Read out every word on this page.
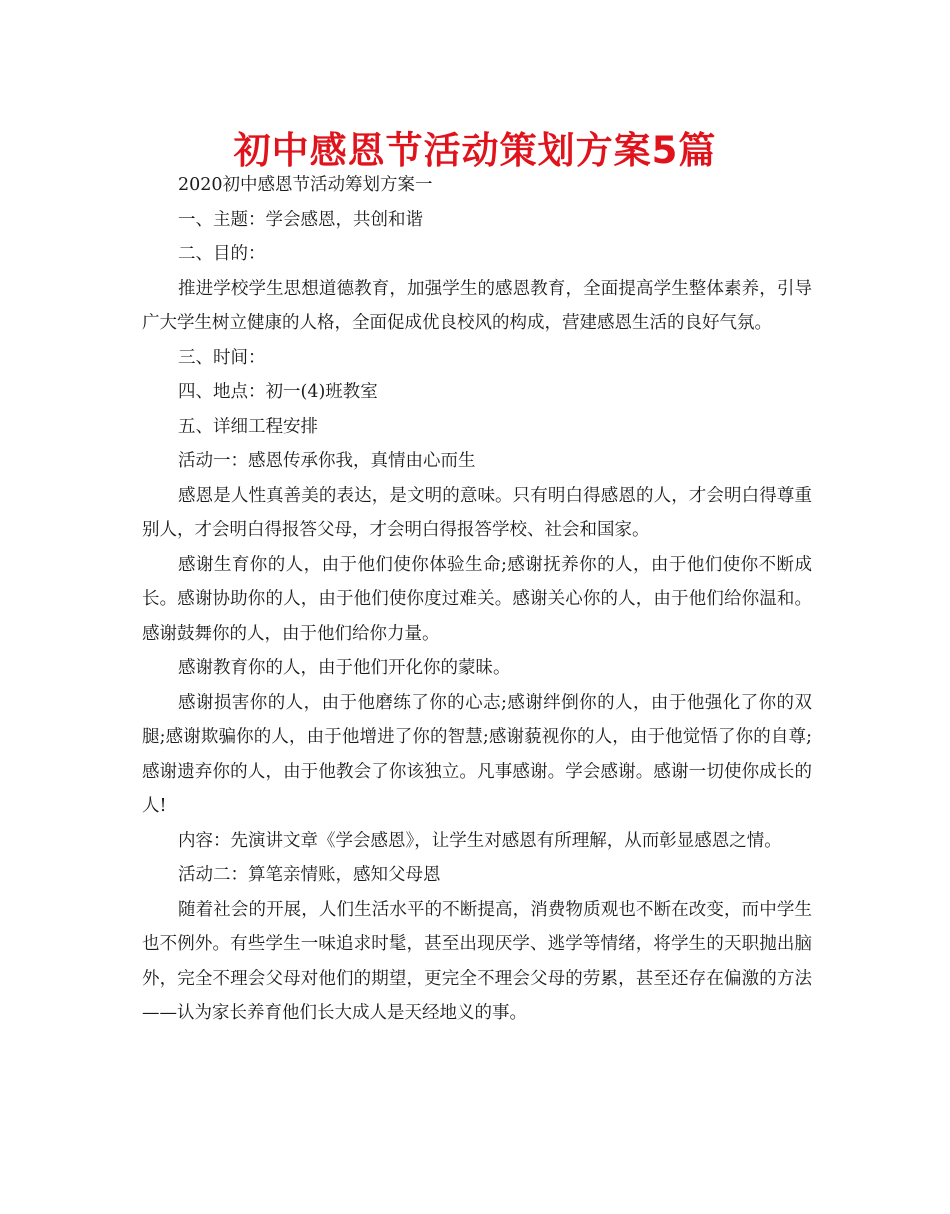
初中感恩节活动策划方案5篇

2020初中感恩节活动筹划方案一

一、主题：学会感恩，共创和谐

二、目的：

推进学校学生思想道德教育，加强学生的感恩教育，全面提高学生整体素养，引导广大学生树立健康的人格，全面促成优良校风的构成，营建感恩生活的良好气氛。

三、时间：

四、地点：初一(4)班教室

五、详细工程安排

活动一：感恩传承你我，真情由心而生

感恩是人性真善美的表达，是文明的意味。只有明白得感恩的人，才会明白得尊重别人，才会明白得报答父母，才会明白得报答学校、社会和国家。

感谢生育你的人，由于他们使你体验生命;感谢抚养你的人，由于他们使你不断成长。感谢协助你的人，由于他们使你度过难关。感谢关心你的人，由于他们给你温和。感谢鼓舞你的人，由于他们给你力量。

感谢教育你的人，由于他们开化你的蒙昧。

感谢损害你的人，由于他磨练了你的心志;感谢绊倒你的人，由于他强化了你的双腿;感谢欺骗你的人，由于他增进了你的智慧;感谢藐视你的人，由于他觉悟了你的自尊;感谢遗弃你的人，由于他教会了你该独立。凡事感谢。学会感谢。感谢一切使你成长的人!

内容：先演讲文章《学会感恩》，让学生对感恩有所理解，从而彰显感恩之情。

活动二：算笔亲情账，感知父母恩

随着社会的开展，人们生活水平的不断提高，消费物质观也不断在改变，而中学生也不例外。有些学生一味追求时髦，甚至出现厌学、逃学等情绪，将学生的天职抛出脑外，完全不理会父母对他们的期望，更完全不理会父母的劳累，甚至还存在偏激的方法——认为家长养育他们长大成人是天经地义的事。
